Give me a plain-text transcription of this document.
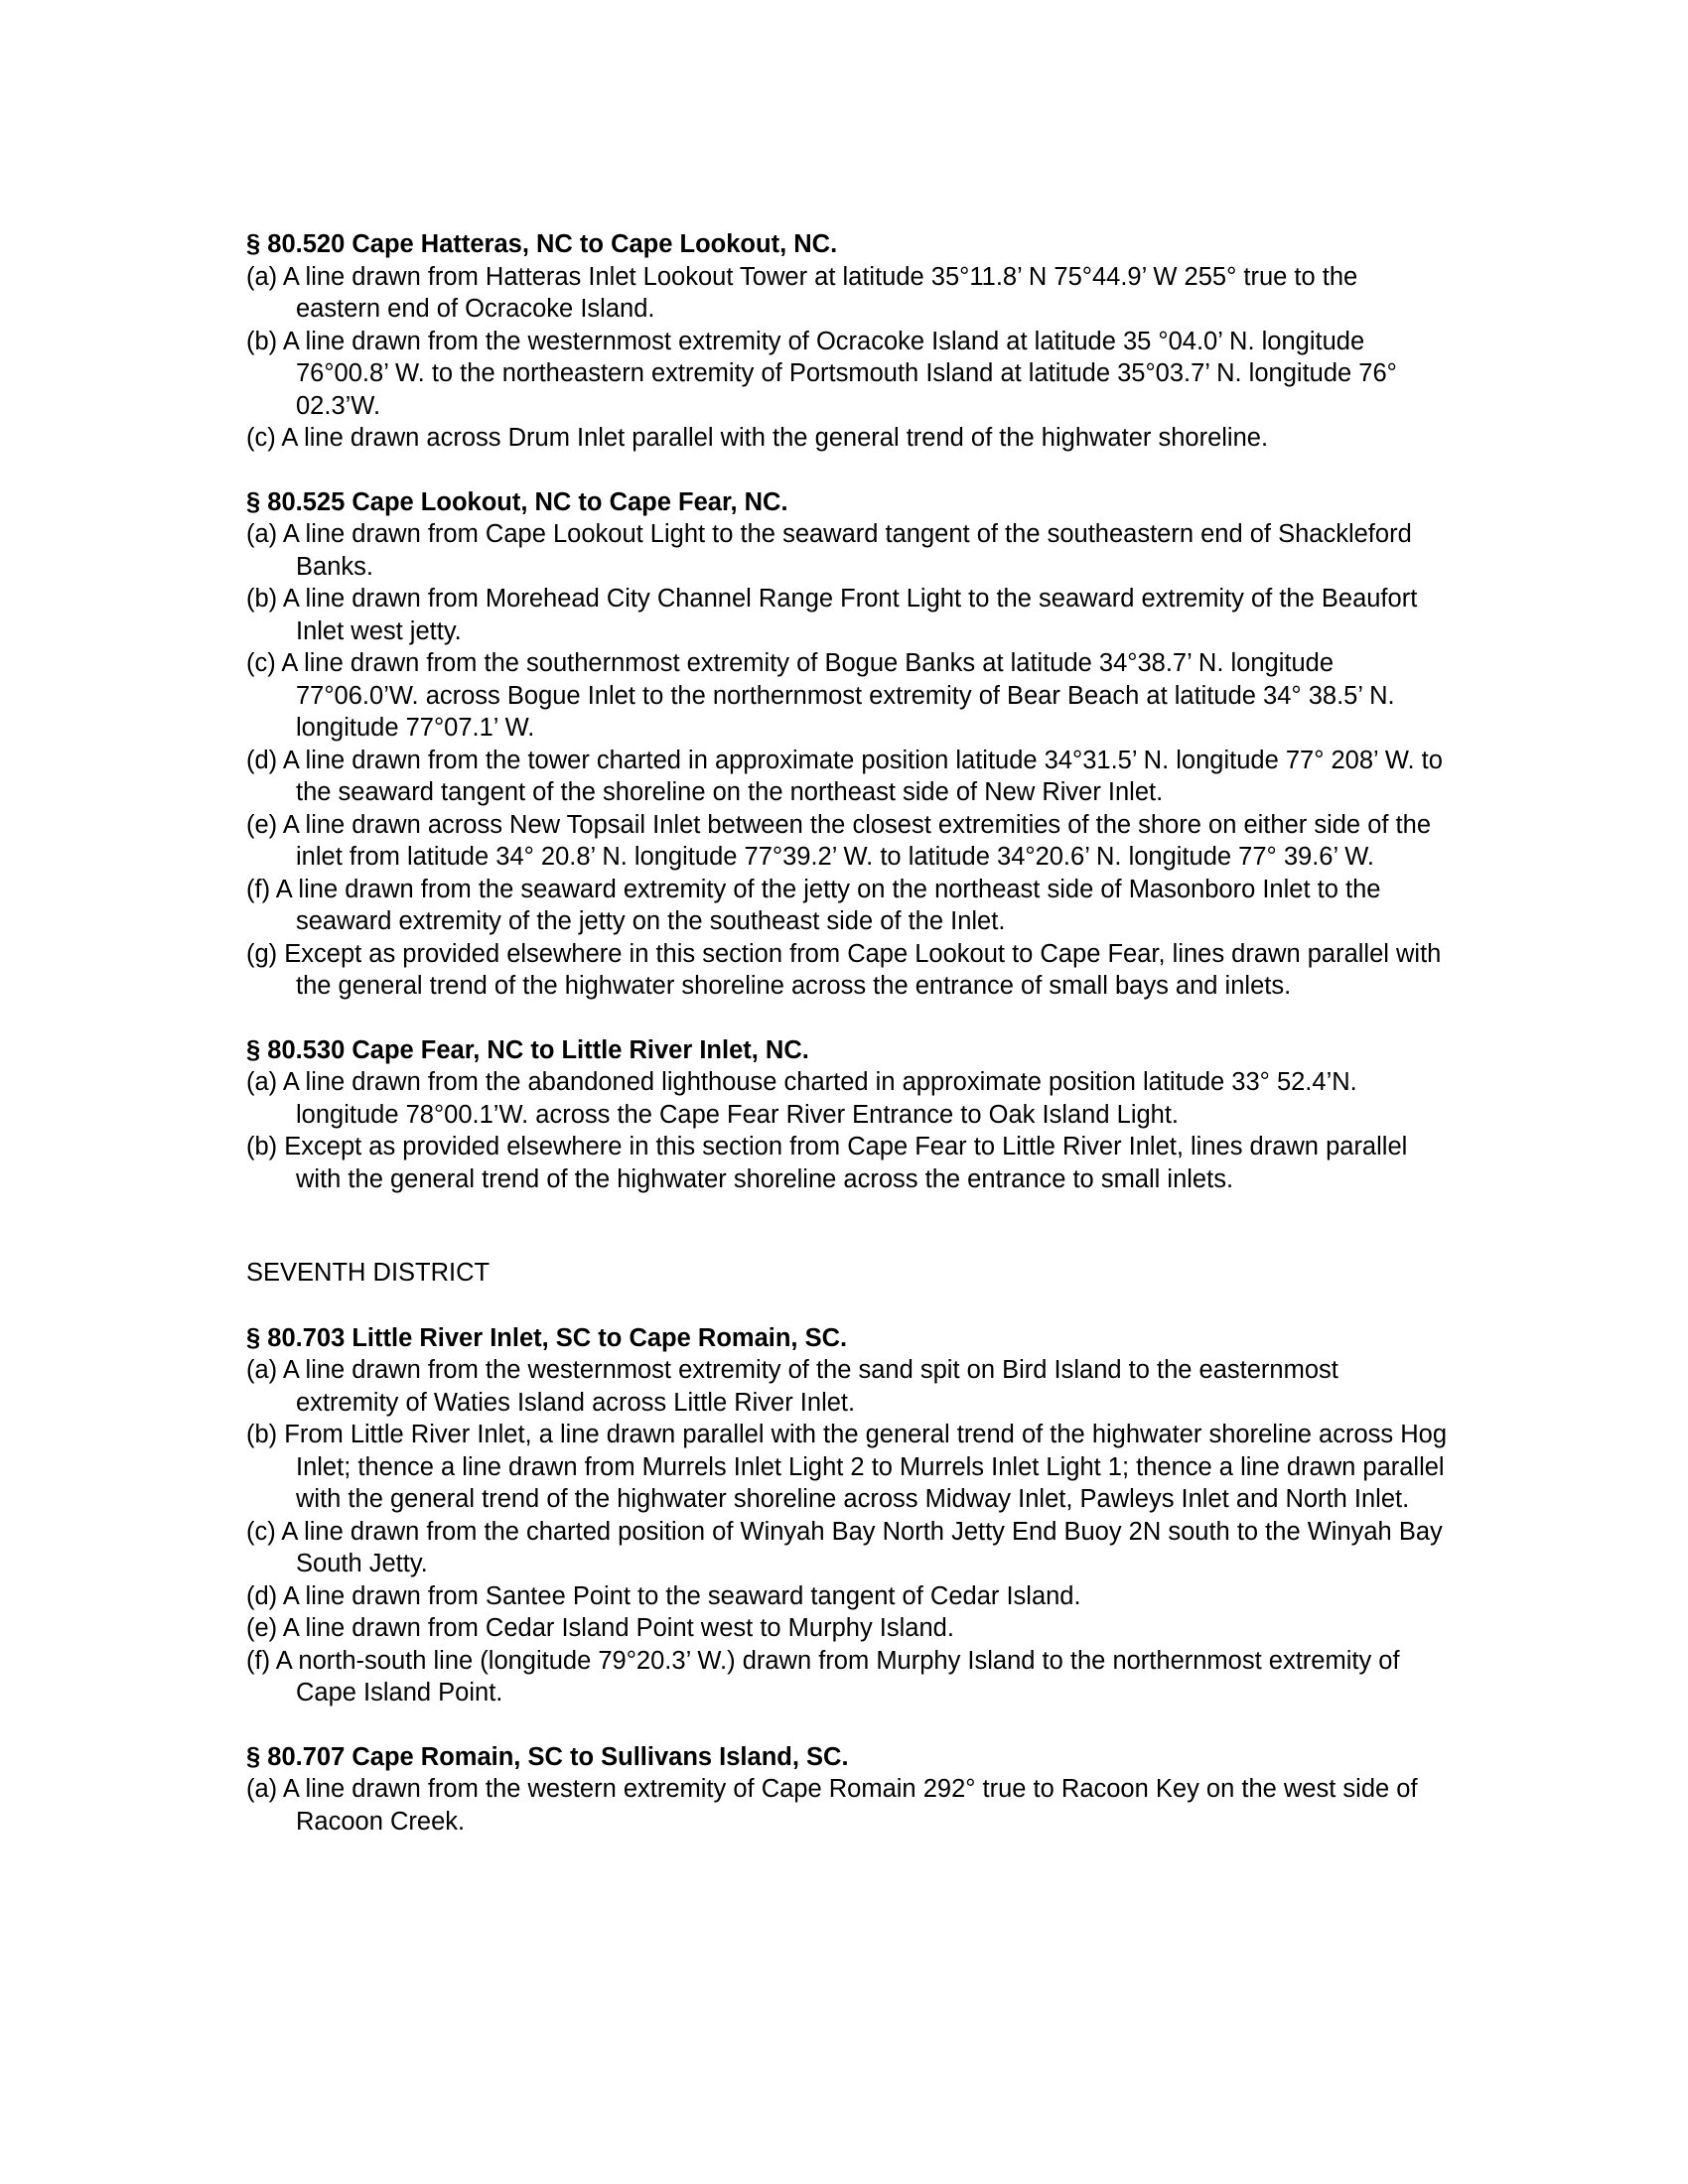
§ 80.520 Cape Hatteras, NC to Cape Lookout, NC.
(a) A line drawn from Hatteras Inlet Lookout Tower at latitude 35°11.8’ N 75°44.9’ W 255° true to the eastern end of Ocracoke Island.
(b) A line drawn from the westernmost extremity of Ocracoke Island at latitude 35 °04.0’ N. longitude 76°00.8’ W. to the northeastern extremity of Portsmouth Island at latitude 35°03.7’ N. longitude 76° 02.3’W.
(c) A line drawn across Drum Inlet parallel with the general trend of the highwater shoreline.
§ 80.525 Cape Lookout, NC to Cape Fear, NC.
(a) A line drawn from Cape Lookout Light to the seaward tangent of the southeastern end of Shackleford Banks.
(b) A line drawn from Morehead City Channel Range Front Light to the seaward extremity of the Beaufort Inlet west jetty.
(c) A line drawn from the southernmost extremity of Bogue Banks at latitude 34°38.7’ N. longitude 77°06.0’W. across Bogue Inlet to the northernmost extremity of Bear Beach at latitude 34° 38.5’ N. longitude 77°07.1’ W.
(d) A line drawn from the tower charted in approximate position latitude 34°31.5’ N. longitude 77° 208’ W. to the seaward tangent of the shoreline on the northeast side of New River Inlet.
(e) A line drawn across New Topsail Inlet between the closest extremities of the shore on either side of the inlet from latitude 34° 20.8’ N. longitude 77°39.2’ W. to latitude 34°20.6’ N. longitude 77° 39.6’ W.
(f) A line drawn from the seaward extremity of the jetty on the northeast side of Masonboro Inlet to the seaward extremity of the jetty on the southeast side of the Inlet.
(g) Except as provided elsewhere in this section from Cape Lookout to Cape Fear, lines drawn parallel with the general trend of the highwater shoreline across the entrance of small bays and inlets.
§ 80.530 Cape Fear, NC to Little River Inlet, NC.
(a) A line drawn from the abandoned lighthouse charted in approximate position latitude 33° 52.4’N. longitude 78°00.1’W. across the Cape Fear River Entrance to Oak Island Light.
(b) Except as provided elsewhere in this section from Cape Fear to Little River Inlet, lines drawn parallel with the general trend of the highwater shoreline across the entrance to small inlets.
SEVENTH DISTRICT
§ 80.703 Little River Inlet, SC to Cape Romain, SC.
(a) A line drawn from the westernmost extremity of the sand spit on Bird Island to the easternmost extremity of Waties Island across Little River Inlet.
(b) From Little River Inlet, a line drawn parallel with the general trend of the highwater shoreline across Hog Inlet; thence a line drawn from Murrels Inlet Light 2 to Murrels Inlet Light 1; thence a line drawn parallel with the general trend of the highwater shoreline across Midway Inlet, Pawleys Inlet and North Inlet.
(c) A line drawn from the charted position of Winyah Bay North Jetty End Buoy 2N south to the Winyah Bay South Jetty.
(d) A line drawn from Santee Point to the seaward tangent of Cedar Island.
(e) A line drawn from Cedar Island Point west to Murphy Island.
(f) A north-south line (longitude 79°20.3’ W.) drawn from Murphy Island to the northernmost extremity of Cape Island Point.
§ 80.707 Cape Romain, SC to Sullivans Island, SC.
(a) A line drawn from the western extremity of Cape Romain 292° true to Racoon Key on the west side of Racoon Creek.
